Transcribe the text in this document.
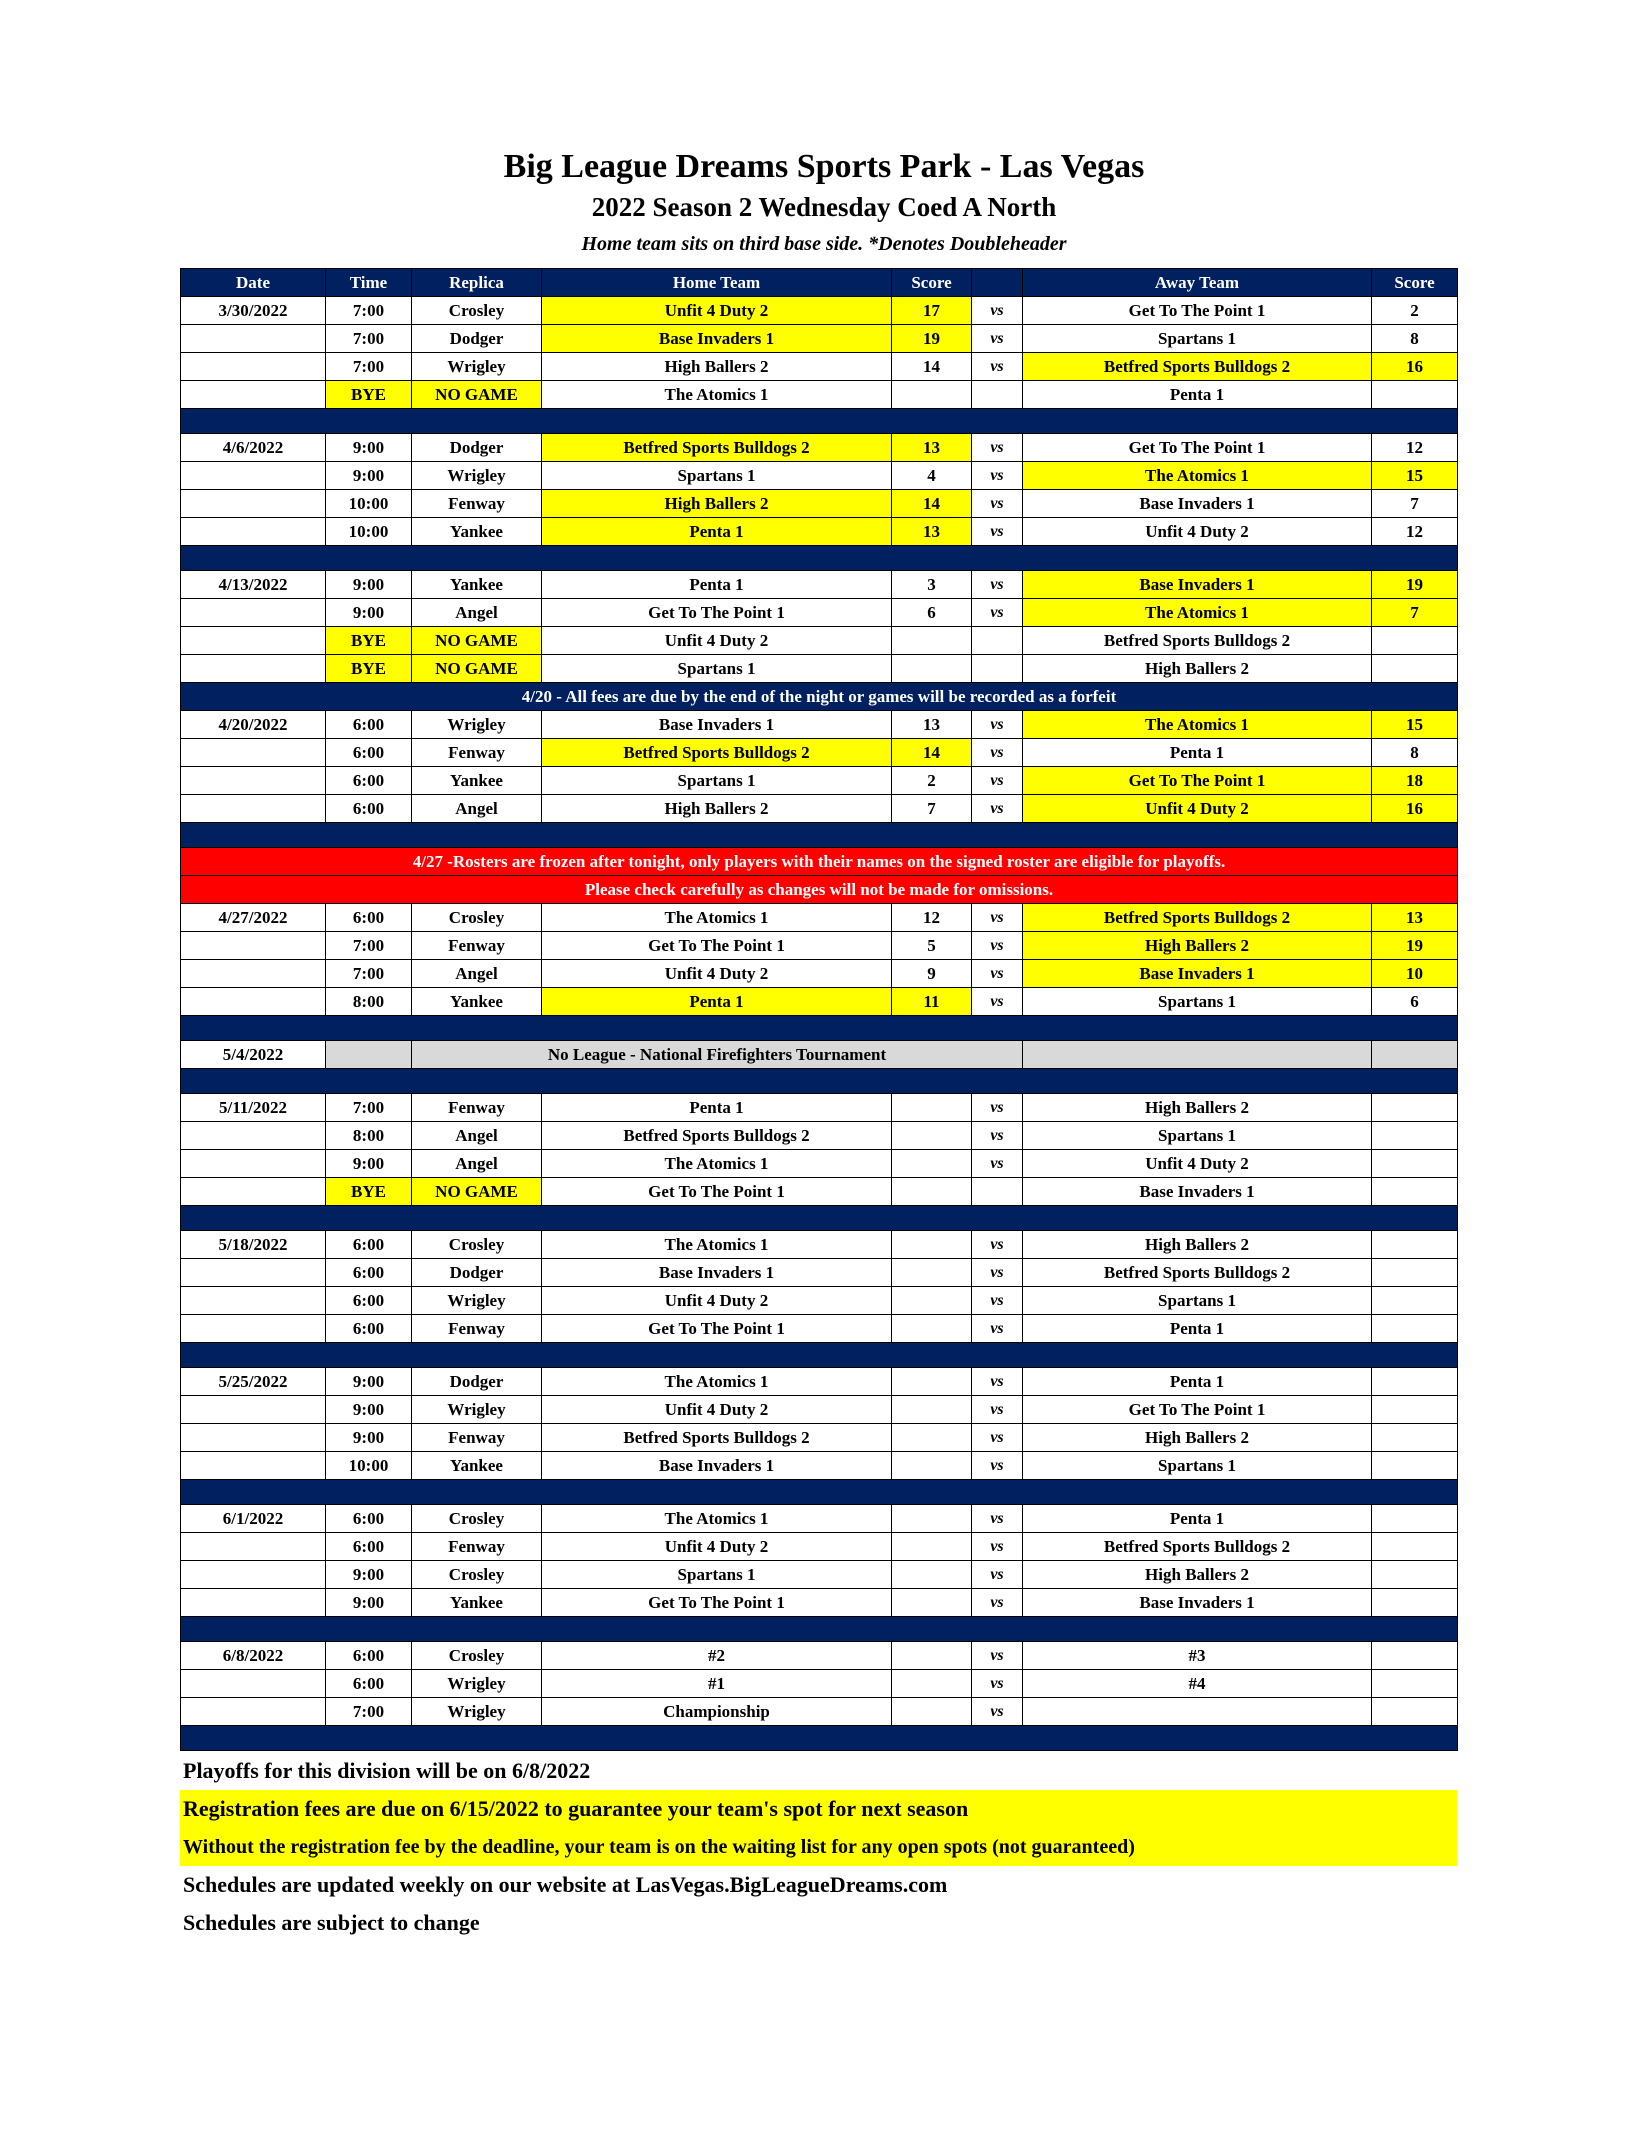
Big League Dreams Sports Park - Las Vegas
2022 Season 2 Wednesday Coed A North
Home team sits on third base side. *Denotes Doubleheader
Date	Time	Replica	Home Team	Score		Away Team	Score
3/30/2022	7:00	Crosley	Unfit 4 Duty 2	17	vs	Get To The Point 1	2
	7:00	Dodger	Base Invaders 1	19	vs	Spartans 1	8
	7:00	Wrigley	High Ballers 2	14	vs	Betfred Sports Bulldogs 2	16
	BYE	NO GAME	The Atomics 1			Penta 1	

4/6/2022	9:00	Dodger	Betfred Sports Bulldogs 2	13	vs	Get To The Point 1	12
	9:00	Wrigley	Spartans 1	4	vs	The Atomics 1	15
	10:00	Fenway	High Ballers 2	14	vs	Base Invaders 1	7
	10:00	Yankee	Penta 1	13	vs	Unfit 4 Duty 2	12

4/13/2022	9:00	Yankee	Penta 1	3	vs	Base Invaders 1	19
	9:00	Angel	Get To The Point 1	6	vs	The Atomics 1	7
	BYE	NO GAME	Unfit 4 Duty 2			Betfred Sports Bulldogs 2	
	BYE	NO GAME	Spartans 1			High Ballers 2	
4/20 - All fees are due by the end of the night or games will be recorded as a forfeit							
4/20/2022	6:00	Wrigley	Base Invaders 1	13	vs	The Atomics 1	15
	6:00	Fenway	Betfred Sports Bulldogs 2	14	vs	Penta 1	8
	6:00	Yankee	Spartans 1	2	vs	Get To The Point 1	18
	6:00	Angel	High Ballers 2	7	vs	Unfit 4 Duty 2	16

4/27 -Rosters are frozen after tonight, only players with their names on the signed roster are eligible for playoffs.							
Please check carefully as changes will not be made for omissions.							
4/27/2022	6:00	Crosley	The Atomics 1	12	vs	Betfred Sports Bulldogs 2	13
	7:00	Fenway	Get To The Point 1	5	vs	High Ballers 2	19
	7:00	Angel	Unfit 4 Duty 2	9	vs	Base Invaders 1	10
	8:00	Yankee	Penta 1	11	vs	Spartans 1	6

5/4/2022		No League - National Firefighters Tournament					

5/11/2022	7:00	Fenway	Penta 1		vs	High Ballers 2	
	8:00	Angel	Betfred Sports Bulldogs 2		vs	Spartans 1	
	9:00	Angel	The Atomics 1		vs	Unfit 4 Duty 2	
	BYE	NO GAME	Get To The Point 1			Base Invaders 1	

5/18/2022	6:00	Crosley	The Atomics 1		vs	High Ballers 2	
	6:00	Dodger	Base Invaders 1		vs	Betfred Sports Bulldogs 2	
	6:00	Wrigley	Unfit 4 Duty 2		vs	Spartans 1	
	6:00	Fenway	Get To The Point 1		vs	Penta 1	

5/25/2022	9:00	Dodger	The Atomics 1		vs	Penta 1	
	9:00	Wrigley	Unfit 4 Duty 2		vs	Get To The Point 1	
	9:00	Fenway	Betfred Sports Bulldogs 2		vs	High Ballers 2	
	10:00	Yankee	Base Invaders 1		vs	Spartans 1	

6/1/2022	6:00	Crosley	The Atomics 1		vs	Penta 1	
	6:00	Fenway	Unfit 4 Duty 2		vs	Betfred Sports Bulldogs 2	
	9:00	Crosley	Spartans 1		vs	High Ballers 2	
	9:00	Yankee	Get To The Point 1		vs	Base Invaders 1	

6/8/2022	6:00	Crosley	#2		vs	#3	
	6:00	Wrigley	#1		vs	#4	
	7:00	Wrigley	Championship		vs		

Playoffs for this division will be on 6/8/2022
Registration fees are due on 6/15/2022 to guarantee your team's spot for next season
Without the registration fee by the deadline, your team is on the waiting list for any open spots (not guaranteed)
Schedules are updated weekly on our website at LasVegas.BigLeagueDreams.com
Schedules are subject to change
